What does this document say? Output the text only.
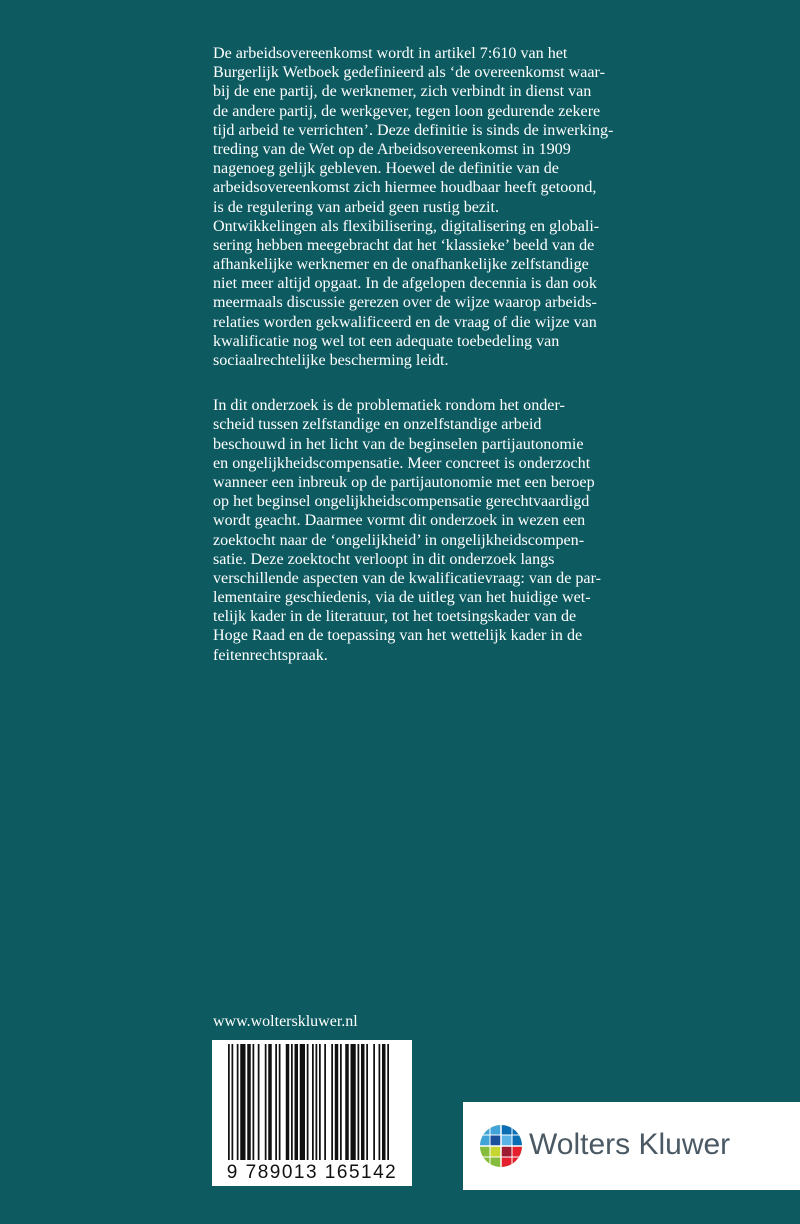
De arbeidsovereenkomst wordt in artikel 7:610 van het
Burgerlijk Wetboek gedefinieerd als ‘de overeenkomst waar-
bij de ene partij, de werknemer, zich verbindt in dienst van
de andere partij, de werkgever, tegen loon gedurende zekere
tijd arbeid te verrichten’. Deze definitie is sinds de inwerking-
treding van de Wet op de Arbeidsovereenkomst in 1909
nagenoeg gelijk gebleven. Hoewel de definitie van de
arbeidsovereenkomst zich hiermee houdbaar heeft getoond,
is de regulering van arbeid geen rustig bezit.
Ontwikkelingen als flexibilisering, digitalisering en globali-
sering hebben meegebracht dat het ‘klassieke’ beeld van de
afhankelijke werknemer en de onafhankelijke zelfstandige
niet meer altijd opgaat. In de afgelopen decennia is dan ook
meermaals discussie gerezen over de wijze waarop arbeids-
relaties worden gekwalificeerd en de vraag of die wijze van
kwalificatie nog wel tot een adequate toebedeling van
sociaalrechtelijke bescherming leidt.
In dit onderzoek is de problematiek rondom het onder-
scheid tussen zelfstandige en onzelfstandige arbeid
beschouwd in het licht van de beginselen partijautonomie
en ongelijkheidscompensatie. Meer concreet is onderzocht
wanneer een inbreuk op de partijautonomie met een beroep
op het beginsel ongelijkheidscompensatie gerechtvaardigd
wordt geacht. Daarmee vormt dit onderzoek in wezen een
zoektocht naar de ‘ongelijkheid’ in ongelijkheidscompen-
satie. Deze zoektocht verloopt in dit onderzoek langs
verschillende aspecten van de kwalificatievraag: van de par-
lementaire geschiedenis, via de uitleg van het huidige wet-
telijk kader in de literatuur, tot het toetsingskader van de
Hoge Raad en de toepassing van het wettelijk kader in de
feitenrechtspraak.
www.wolterskluwer.nl
9 789013 165142
Wolters Kluwer
